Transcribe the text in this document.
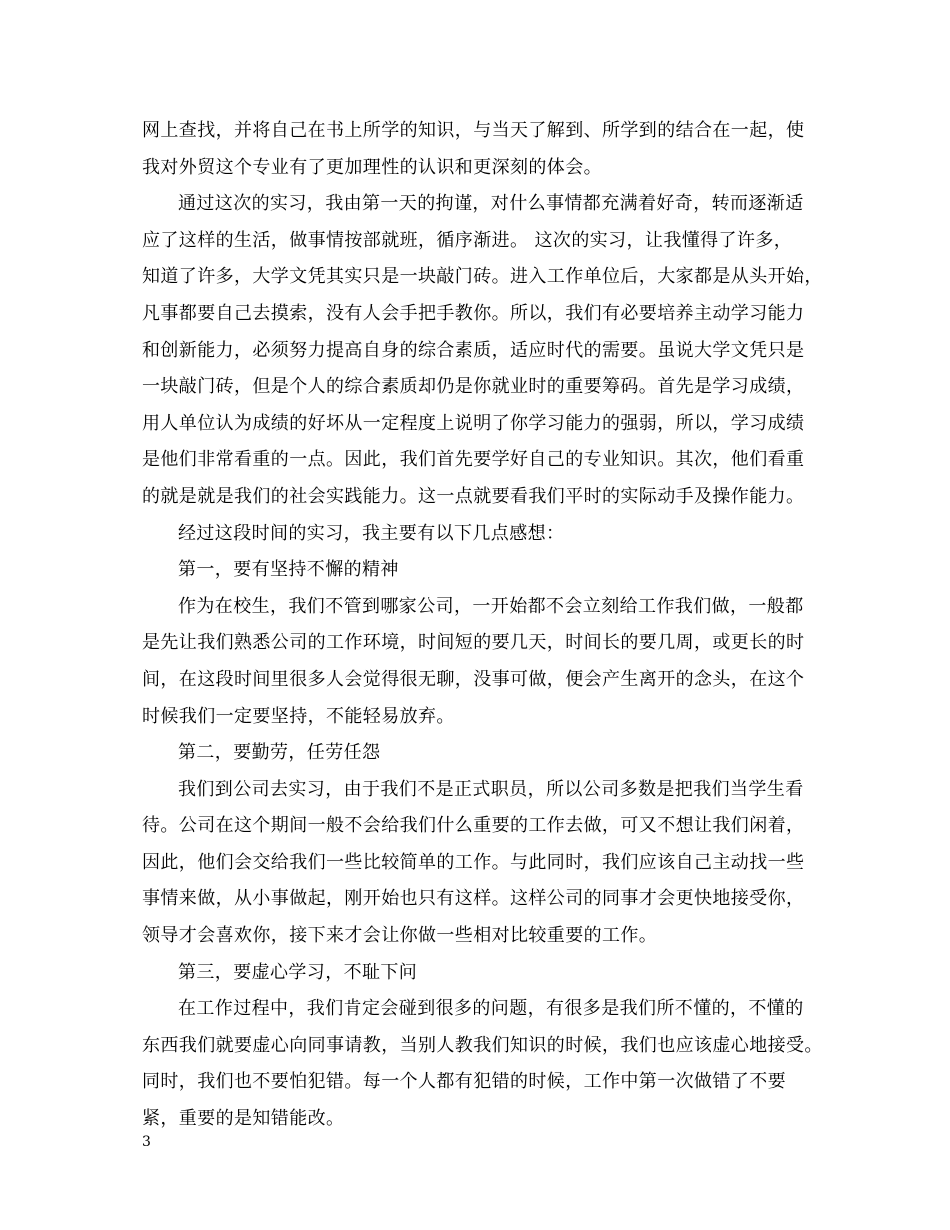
网上查找，并将自己在书上所学的知识，与当天了解到、所学到的结合在一起，使
我对外贸这个专业有了更加理性的认识和更深刻的体会。
通过这次的实习，我由第一天的拘谨，对什么事情都充满着好奇，转而逐渐适
应了这样的生活，做事情按部就班，循序渐进。 这次的实习，让我懂得了许多，
知道了许多，大学文凭其实只是一块敲门砖。进入工作单位后，大家都是从头开始，
凡事都要自己去摸索，没有人会手把手教你。所以，我们有必要培养主动学习能力
和创新能力，必须努力提高自身的综合素质，适应时代的需要。虽说大学文凭只是
一块敲门砖，但是个人的综合素质却仍是你就业时的重要筹码。首先是学习成绩，
用人单位认为成绩的好坏从一定程度上说明了你学习能力的强弱，所以，学习成绩
是他们非常看重的一点。因此，我们首先要学好自己的专业知识。其次，他们看重
的就是就是我们的社会实践能力。这一点就要看我们平时的实际动手及操作能力。
经过这段时间的实习，我主要有以下几点感想：
第一，要有坚持不懈的精神
作为在校生，我们不管到哪家公司，一开始都不会立刻给工作我们做，一般都
是先让我们熟悉公司的工作环境，时间短的要几天，时间长的要几周，或更长的时
间，在这段时间里很多人会觉得很无聊，没事可做，便会产生离开的念头，在这个
时候我们一定要坚持，不能轻易放弃。
第二，要勤劳，任劳任怨
我们到公司去实习，由于我们不是正式职员，所以公司多数是把我们当学生看
待。公司在这个期间一般不会给我们什么重要的工作去做，可又不想让我们闲着，
因此，他们会交给我们一些比较简单的工作。与此同时，我们应该自己主动找一些
事情来做，从小事做起，刚开始也只有这样。这样公司的同事才会更快地接受你，
领导才会喜欢你，接下来才会让你做一些相对比较重要的工作。
第三，要虚心学习，不耻下问
在工作过程中，我们肯定会碰到很多的问题，有很多是我们所不懂的，不懂的
东西我们就要虚心向同事请教，当别人教我们知识的时候，我们也应该虚心地接受。
同时，我们也不要怕犯错。每一个人都有犯错的时候，工作中第一次做错了不要
紧，重要的是知错能改。
3
